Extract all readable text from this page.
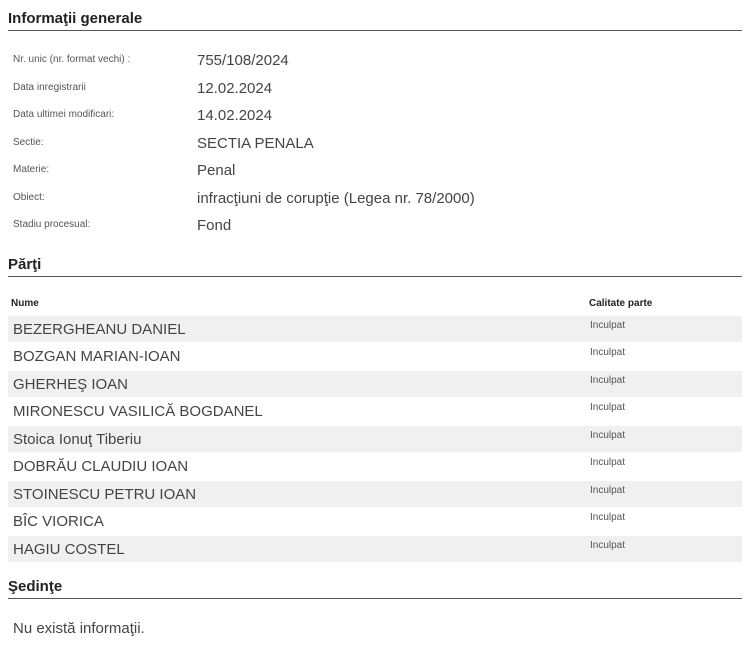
Informaţii generale
Nr. unic (nr. format vechi) :	755/108/2024
Data inregistrarii	12.02.2024
Data ultimei modificari:	14.02.2024
Sectie:	SECTIA PENALA
Materie:	Penal
Obiect:	infracţiuni de corupţie (Legea nr. 78/2000)
Stadiu procesual:	Fond
Părţi
Nume	Calitate parte
BEZERGHEANU DANIEL	Inculpat
BOZGAN MARIAN-IOAN	Inculpat
GHERHEŞ IOAN	Inculpat
MIRONESCU VASILICĂ BOGDANEL	Inculpat
Stoica Ionuţ Tiberiu	Inculpat
DOBRĂU CLAUDIU IOAN	Inculpat
STOINESCU PETRU IOAN	Inculpat
BÎC VIORICA	Inculpat
HAGIU COSTEL	Inculpat
Şedinţe
Nu există informaţii.
